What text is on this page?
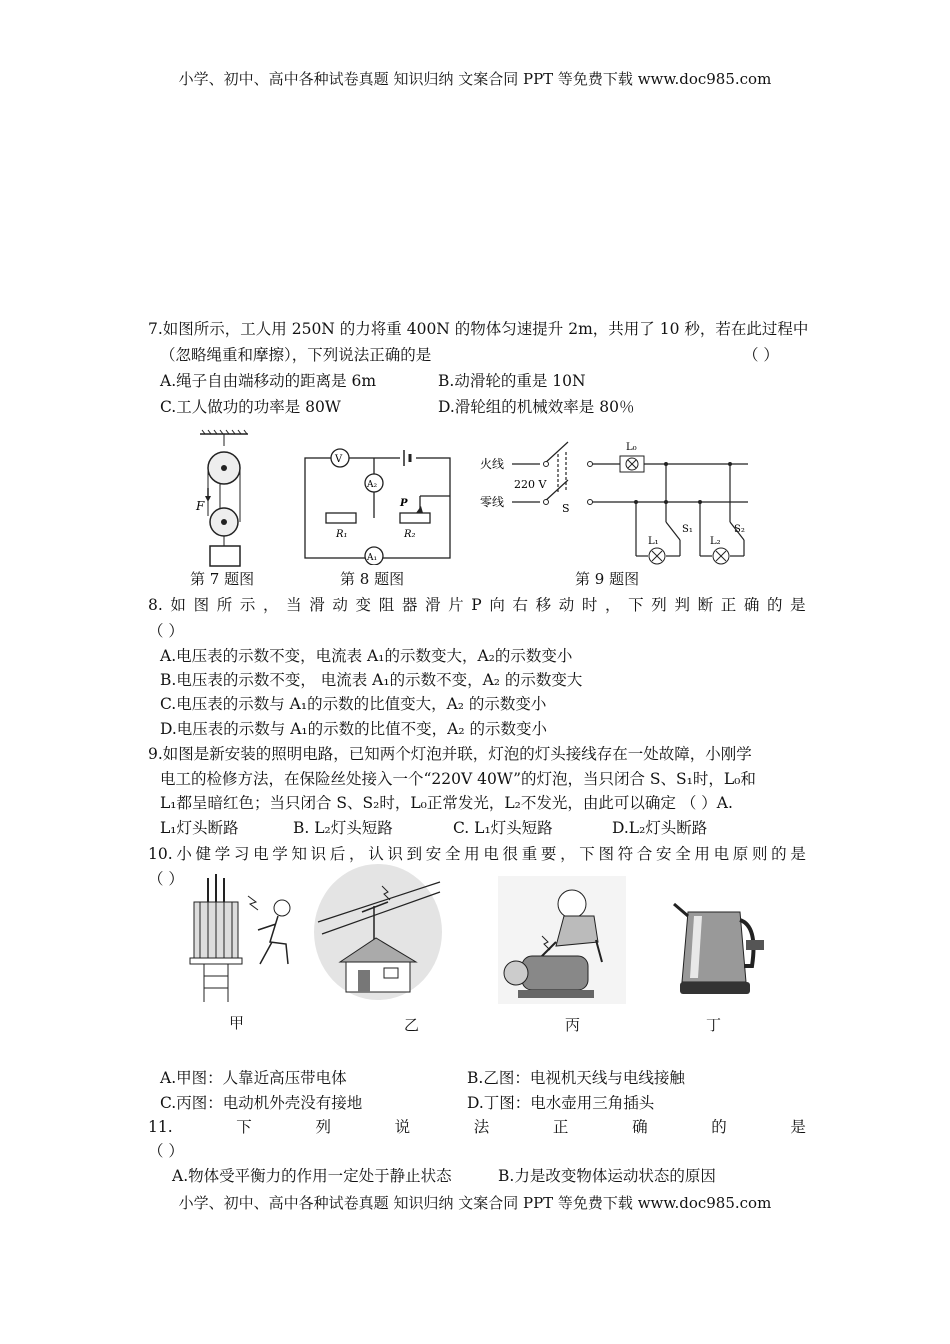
小学、初中、高中各种试卷真题 知识归纳 文案合同 PPT 等免费下载 www.doc985.com
7.如图所示，工人用 250N 的力将重 400N 的物体匀速提升 2m，共用了 10 秒，若在此过程中
（忽略绳重和摩擦），下列说法正确的是	（ ）
A.绳子自由端移动的距离是 6m	B.动滑轮的重是 10N
C.工人做功的功率是 80W	D.滑轮组的机械效率是 80％
F
V
A₂
R₁	R₂
P
A₁
火线
零线
220 V
S
L₀
L₁
S₁
L₂
S₂
第 7 题图	第 8 题图	第 9 题图
8. 如 图 所 示 ， 当 滑 动 变 阻 器 滑 片 P 向 右 移 动 时 ， 下 列 判 断 正 确 的 是
（ ）
A.电压表的示数不变，电流表 A₁的示数变大，A₂的示数变小
B.电压表的示数不变， 电流表 A₁的示数不变，A₂ 的示数变大
C.电压表的示数与 A₁的示数的比值变大，A₂ 的示数变小
D.电压表的示数与 A₁的示数的比值不变，A₂ 的示数变小
9.如图是新安装的照明电路，已知两个灯泡并联，灯泡的灯头接线存在一处故障，小刚学
电工的检修方法，在保险丝处接入一个“220V 40W”的灯泡，当只闭合 S、S₁时，L₀和
L₁都呈暗红色；当只闭合 S、S₂时，L₀正常发光，L₂不发光，由此可以确定 （ ）A.
L₁灯头断路	B. L₂灯头短路	C. L₁灯头短路	D.L₂灯头断路
10. 小 健 学 习 电 学 知 识 后 ， 认 识 到 安 全 用 电 很 重 要 ， 下 图 符 合 安 全 用 电 原 则 的 是
（ ）
甲	乙	丙	丁
A.甲图：人靠近高压带电体	B.乙图：电视机天线与电线接触
C.丙图：电动机外壳没有接地	D.丁图：电水壶用三角插头
11.	下	列	说	法	正	确	的	是
（ ）
A.物体受平衡力的作用一定处于静止状态	B.力是改变物体运动状态的原因
小学、初中、高中各种试卷真题 知识归纳 文案合同 PPT 等免费下载 www.doc985.com
